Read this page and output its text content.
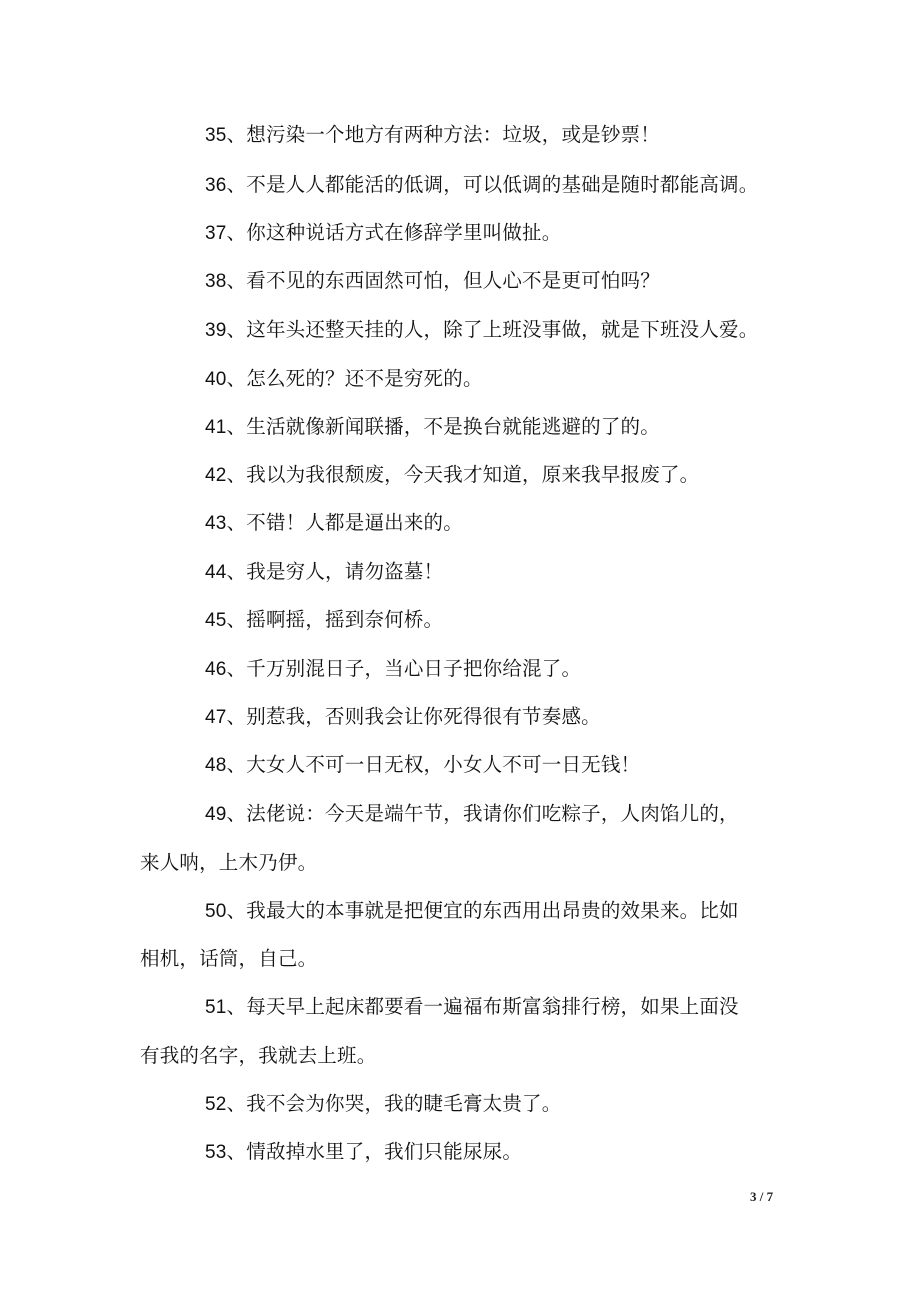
35、想污染一个地方有两种方法：垃圾，或是钞票！
36、不是人人都能活的低调，可以低调的基础是随时都能高调。
37、你这种说话方式在修辞学里叫做扯。
38、看不见的东西固然可怕，但人心不是更可怕吗？
39、这年头还整天挂的人，除了上班没事做，就是下班没人爱。
40、怎么死的？还不是穷死的。
41、生活就像新闻联播，不是换台就能逃避的了的。
42、我以为我很颓废，今天我才知道，原来我早报废了。
43、不错！人都是逼出来的。
44、我是穷人，请勿盗墓！
45、摇啊摇，摇到奈何桥。
46、千万别混日子，当心日子把你给混了。
47、别惹我，否则我会让你死得很有节奏感。
48、大女人不可一日无权，小女人不可一日无钱！
49、法佬说：今天是端午节，我请你们吃粽子，人肉馅儿的，
来人呐，上木乃伊。
50、我最大的本事就是把便宜的东西用出昂贵的效果来。比如
相机，话筒，自己。
51、每天早上起床都要看一遍福布斯富翁排行榜，如果上面没
有我的名字，我就去上班。
52、我不会为你哭，我的睫毛膏太贵了。
53、情敌掉水里了，我们只能尿尿。
3 / 7
